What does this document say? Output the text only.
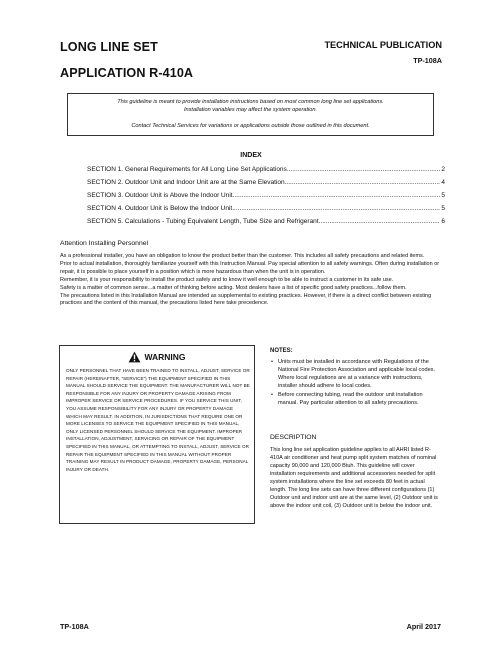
LONG LINE SET
APPLICATION R-410A
TECHNICAL PUBLICATION
TP-108A

This guideline is meant to provide installation instructions based on most common long line set applications.

Installation variables may affect the system operation.

Contact Technical Services for variations or applications outside those outlined in this document.

INDEX
SECTION 1. General Requirements for All Long Line Set Applications .....	2
SECTION 2. Outdoor Unit and Indoor Unit are at the Same Elevation .....	4
SECTION 3. Outdoor Unit is Above the Indoor Unit .....	5
SECTION 4. Outdoor Unit is Below the Indoor Unit .....	5
SECTION 5. Calculations - Tubing Equivalent Length, Tube Size and Refrigerant .....	6
Attention Installing Personnel

As a professional installer, you have an obligation to know the product better than the customer. This includes all safety precautions and related items.

Prior to actual installation, thoroughly familiarize yourself with this Instruction Manual. Pay special attention to all safety warnings. Often during installation or repair, it is possible to place yourself in a position which is more hazardous than when the unit is in operation.

Remember, it is your responsibility to install the product safely and to know it well enough to be able to instruct a customer in its safe use.

Safety is a matter of common sense...a matter of thinking before acting. Most dealers have a list of specific good safety practices...follow them.

The precautions listed in this Installation Manual are intended as supplemental to existing practices. However, if there is a direct conflict between existing practices and the content of this manual, the precautions listed here take precedence.

WARNING
ONLY PERSONNEL THAT HAVE BEEN TRAINED TO INSTALL, ADJUST, SERVICE OR REPAIR (HEREINAFTER, “SERVICE”) THE EQUIPMENT SPECIFIED IN THIS MANUAL SHOULD SERVICE THE EQUIPMENT. THE MANUFACTURER WILL NOT BE RESPONSIBLE FOR ANY INJURY OR PROPERTY DAMAGE ARISING FROM IMPROPER SERVICE OR SERVICE PROCEDURES. IF YOU SERVICE THIS UNIT, YOU ASSUME RESPONSIBILITY FOR ANY INJURY OR PROPERTY DAMAGE WHICH MAY RESULT. IN ADDITION, IN JURISDICTIONS THAT REQUIRE ONE OR MORE LICENSES TO SERVICE THE EQUIPMENT SPECIFIED IN THIS MANUAL, ONLY LICENSED PERSONNEL SHOULD SERVICE THE EQUIPMENT. IMPROPER INSTALLATION, ADJUSTMENT, SERVICING OR REPAIR OF THE EQUIPMENT SPECIFIED IN THIS MANUAL, OR ATTEMPTING TO INSTALL, ADJUST, SERVICE OR REPAIR THE EQUIPMENT SPECIFIED IN THIS MANUAL WITHOUT PROPER TRAINING MAY RESULT IN PRODUCT DAMAGE, PROPERTY DAMAGE, PERSONAL INJURY OR DEATH.
NOTES:
• Units must be installed in accordance with Regulations of the National Fire Protection Association and applicable local codes. Where local regulations are at a variance with instructions, installer should adhere to local codes.
• Before connecting tubing, read the outdoor unit installation manual. Pay particular attention to all safety precautions.
DESCRIPTION

This long line set application guideline applies to all AHRI listed R-410A air conditioner and heat pump split system matches of nominal capacity 90,000 and 120,000 Btuh. This guideline will cover installation requirements and additional accessories needed for split system installations where the line set exceeds 80 feet in actual length. The long line sets can have three different configurations (1) Outdoor unit and indoor unit are at the same level, (2) Outdoor unit is above the indoor unit coil, (3) Outdoor unit is below the indoor unit.

TP-108A	April 2017
